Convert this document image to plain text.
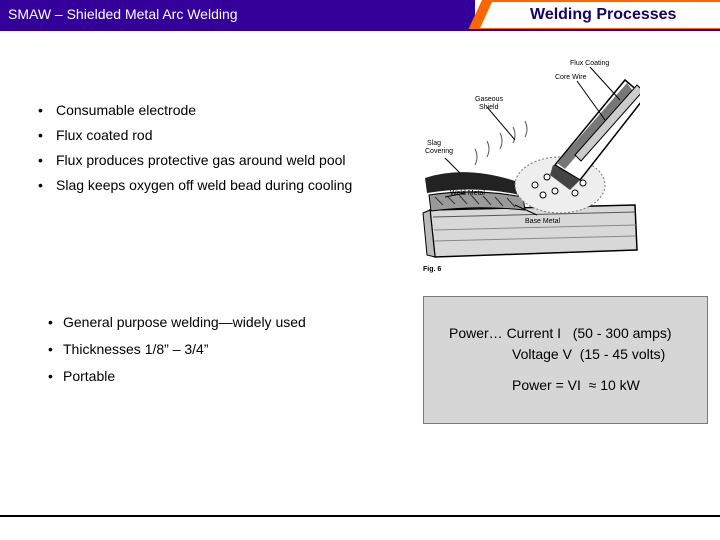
SMAW – Shielded Metal Arc Welding	Welding Processes
• Consumable electrode
• Flux coated rod
• Flux produces protective gas around weld pool
• Slag keeps oxygen off weld bead during cooling
Flux Coating
Core Wire
Gaseous
Shield
Slag
Covering
Weld Metal
Base Metal
Fig. 6
• General purpose welding—widely used
• Thicknesses 1/8” – 3/4”
• Portable
Power… Current I   (50 - 300 amps)
Voltage V  (15 - 45 volts)
Power = VI  ≈ 10 kW
